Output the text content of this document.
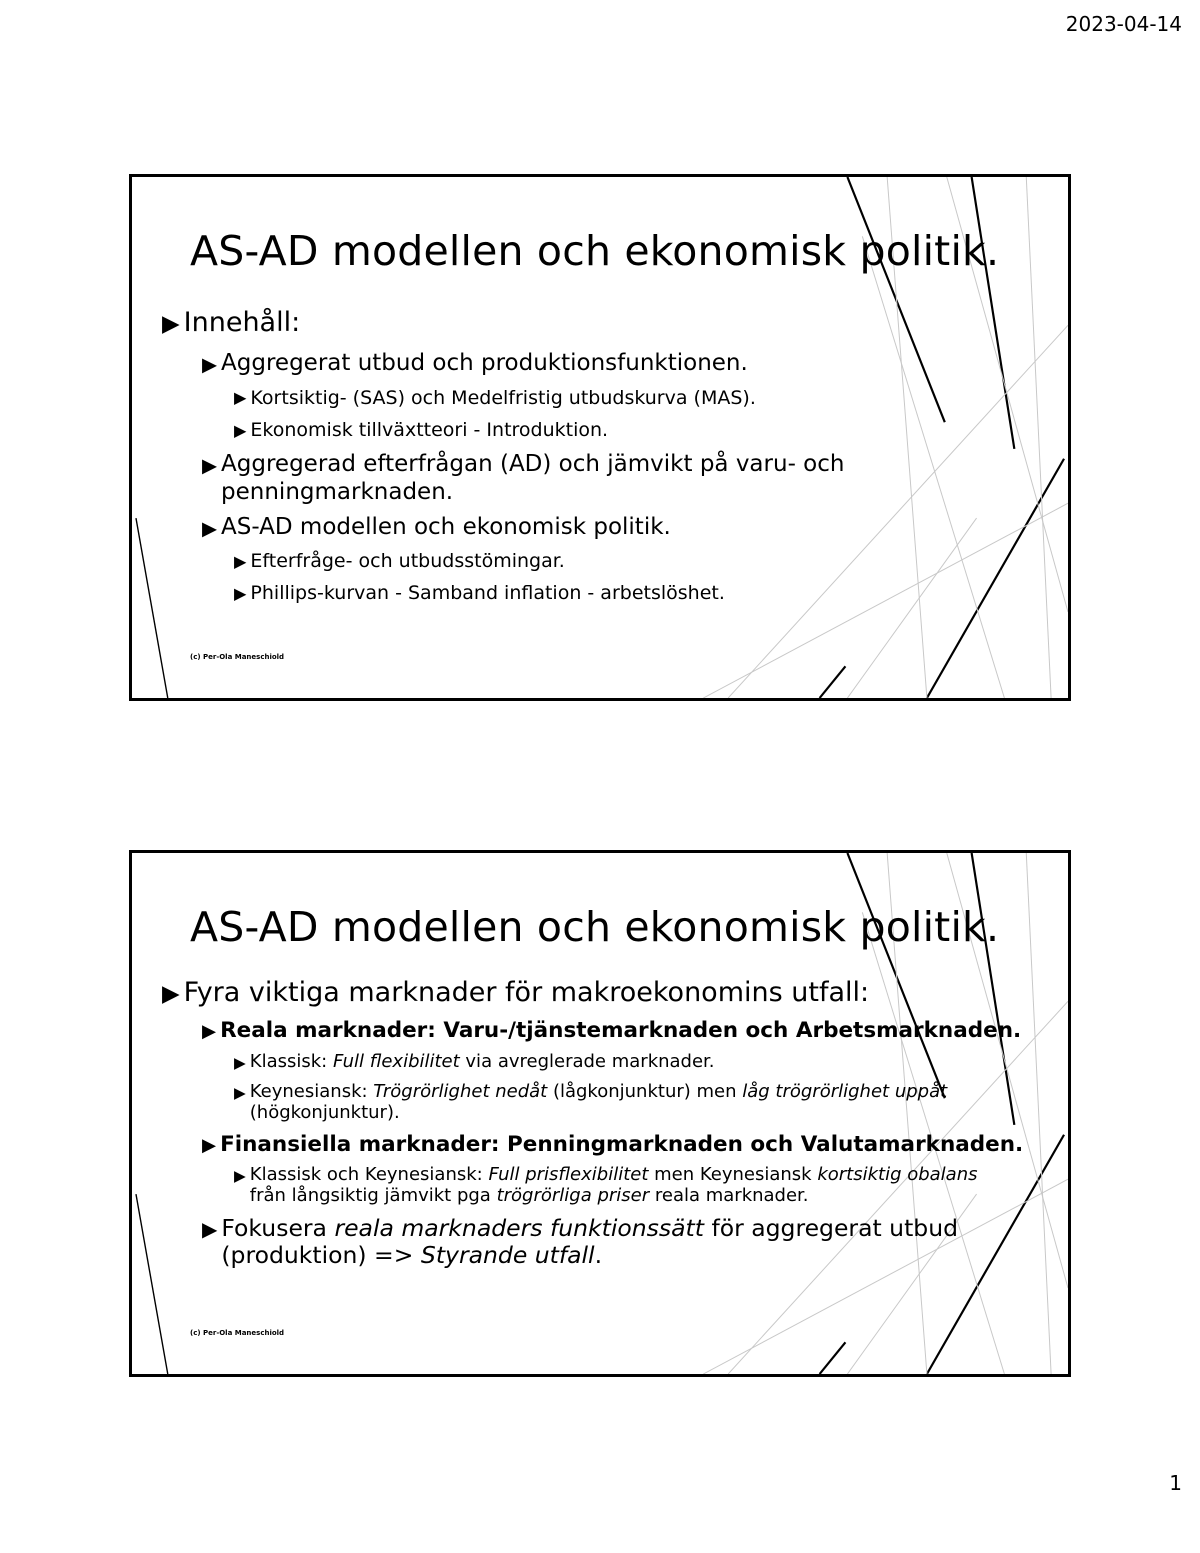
2023-04-14
AS-AD modellen och ekonomisk politik.
▶ Innehåll:
▶ Aggregerat utbud och produktionsfunktionen.
▶ Kortsiktig- (SAS) och Medelfristig utbudskurva (MAS).
▶ Ekonomisk tillväxtteori - Introduktion.
▶ Aggregerad efterfrågan (AD) och jämvikt på varu- och penningmarknaden.
▶ AS-AD modellen och ekonomisk politik.
▶ Efterfråge- och utbudsstömingar.
▶ Phillips-kurvan - Samband inflation - arbetslöshet.
(c) Per-Ola Maneschiold
AS-AD modellen och ekonomisk politik.
▶ Fyra viktiga marknader för makroekonomins utfall:
▶ Reala marknader: Varu-/tjänstemarknaden och Arbetsmarknaden.
▶ Klassisk: Full flexibilitet via avreglerade marknader.
▶ Keynesiansk: Trögrörlighet nedåt (lågkonjunktur) men låg trögrörlighet uppåt (högkonjunktur).
▶ Finansiella marknader: Penningmarknaden och Valutamarknaden.
▶ Klassisk och Keynesiansk: Full prisflexibilitet men Keynesiansk kortsiktig obalans från långsiktig jämvikt pga trögrörliga priser reala marknader.
▶ Fokusera reala marknaders funktionssätt för aggregerat utbud (produktion) => Styrande utfall.
(c) Per-Ola Maneschiold
1
